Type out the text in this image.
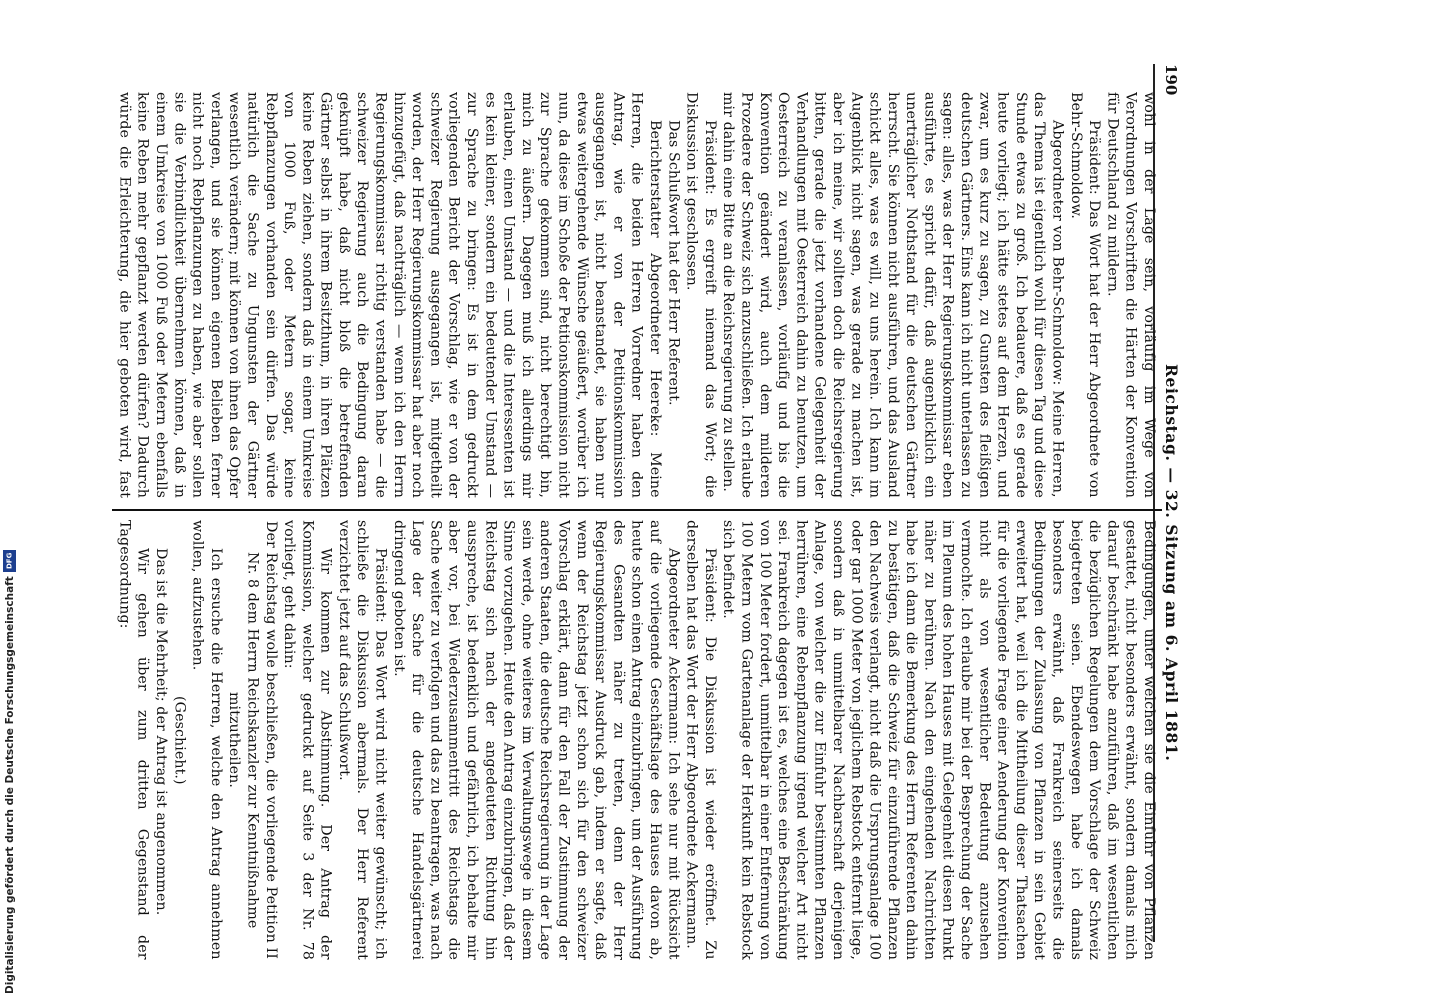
190
Reichstag. — 32. Sitzung am 6. April 1881.

wohl in der Lage sein, vorläufig im Wege von Verordnungen Vorschriften die Härten der Konvention für Deutschland zu mildern.

Präsident: Das Wort hat der Herr Abgeordnete von Behr-Schmoldow.

Abgeordneter von Behr-Schmoldow: Meine Herren, das Thema ist eigentlich wohl für diesen Tag und diese Stunde etwas zu groß. Ich bedauere, daß es gerade heute vorliegt; ich hätte stetes auf dem Herzen, und zwar, um es kurz zu sagen, zu Gunsten des fleißigen deutschen Gärtners. Eins kann ich nicht unterlassen zu sagen: alles, was der Herr Regierungskommissar eben ausführte, es spricht dafür, daß augenblicklich ein unerträglicher Nothstand für die deutschen Gärtner herrscht. Sie können nicht ausführen, und das Ausland schickt alles, was es will, zu uns herein. Ich kann im Augenblick nicht sagen, was gerade zu machen ist, aber ich meine, wir sollten doch die Reichsregierung bitten, gerade die jetzt vorhandene Gelegenheit der Verhandlungen mit Oesterreich dahin zu benutzen, um Oesterreich zu veranlassen, vorläufig und bis die Konvention geändert wird, auch dem milderen Prozedere der Schweiz sich anzuschließen. Ich erlaube mir dahin eine Bitte an die Reichsregierung zu stellen.

Präsident: Es ergreift niemand das Wort; die Diskussion ist geschlossen.

Das Schlußwort hat der Herr Referent.

Berichterstatter Abgeordneter Heereke: Meine Herren, die beiden Herren Vorredner haben den Antrag, wie er von der Petitionskommission ausgegangen ist, nicht beanstandet, sie haben nur etwas weitergehende Wünsche geäußert, worüber ich nun, da diese im Schoße der Petitionskommission nicht zur Sprache gekommen sind, nicht berechtigt bin, mich zu äußern. Dagegen muß ich allerdings mir erlauben, einen Umstand — und die Interessenten ist es kein kleiner, sondern ein bedeutender Umstand — zur Sprache zu bringen: Es ist in dem gedruckt vorliegenden Bericht der Vorschlag, wie er von der schweizer Regierung ausgegangen ist, mitgetheilt worden, der Herr Regierungskommissar hat aber noch hinzugefügt, daß nachträglich — wenn ich den Herrn Regierungskommissar richtig verstanden habe — die schweizer Regierung auch die Bedingung daran geknüpft habe, daß nicht bloß die betreffenden Gärtner selbst in ihrem Besitzthum, in ihren Plätzen keine Reben ziehen, sondern daß in einem Umkreise von 1000 Fuß, oder Metern sogar, keine Rebpflanzungen vorhanden sein dürfen. Das würde natürlich die Sache zu Ungunsten der Gärtner wesentlich verändern; mit können von ihnen das Opfer verlangen, und sie können eigenen Belieben ferner nicht noch Rebpflanzungen zu haben, wie aber sollen sie die Verbindlichkeit übernehmen können, daß in einem Umkreise von 1000 Fuß oder Metern ebenfalls keine Reben mehr gepflanzt werden dürfen? Dadurch würde die Erleichterung, die hier geboten wird, fast

Bedingungen, unter welchen sie die Einfuhr von Pflanzen gestattet, nicht besonders erwähnt, sondern damals mich darauf beschränkt habe anzuführen, daß im wesentlichen die bezüglichen Regelungen dem Vorschlage der Schweiz beigetreten seien. Ebendeswegen habe ich damals besonders erwähnt, daß Frankreich seinerseits die Bedingungen der Zulassung von Pflanzen in sein Gebiet erweitert hat, weil ich die Mittheilung dieser Thatsachen für die vorliegende Frage einer Aenderung der Konvention nicht als von wesentlicher Bedeutung anzusehen vermochte. Ich erlaube mir bei der Besprechung der Sache im Plenum des hohen Hauses mit Gelegenheit diesen Punkt näher zu berühren. Nach den eingehenden Nachrichten habe ich dann die Bemerkung des Herrn Referenten dahin zu bestätigen, daß die Schweiz für einzuführende Pflanzen den Nachweis verlangt, nicht daß die Ursprungsanlage 100 oder gar 1000 Meter von jeglichem Rebstock entfernt liege, sondern daß in unmittelbarer Nachbarschaft derjenigen Anlage, von welcher die zur Einfuhr bestimmten Pflanzen herrühren, eine Rebenpflanzung irgend welcher Art nicht sei. Frankreich dagegen ist es, welches eine Beschränkung von 100 Meter fordert, unmittelbar in einer Entfernung von 100 Metern vom Gartenanlage der Herkunft kein Rebstock sich befindet.

Präsident: Die Diskussion ist wieder eröffnet. Zu derselben hat das Wort der Herr Abgeordnete Ackermann.

Abgeordneter Ackermann: Ich sehe nur mit Rücksicht auf die vorliegende Geschäftslage des Hauses davon ab, heute schon einen Antrag einzubringen, um der Ausführung des Gesandten näher zu treten, denn der Herr Regierungskommissar Ausdruck gab, indem er sagte, daß wenn der Reichstag jetzt schon sich für den schweizer Vorschlag erklärt, dann für den Fall der Zustimmung der anderen Staaten, die deutsche Reichsregierung in der Lage sein werde, ohne weiteres im Verwaltungswege in diesem Sinne vorzugehen. Heute den Antrag einzubringen, daß der Reichstag sich nach der angedeuteten Richtung hin ausspreche, ist bedenklich und gefährlich, ich behalte mir aber vor, bei Wiederzusammentritt des Reichstags die Sache weiter zu verfolgen und das zu beantragen, was nach Lage der Sache für die deutsche Handelsgärtnerei dringend geboten ist.

Präsident: Das Wort wird nicht weiter gewünscht; ich schließe die Diskussion abermals. Der Herr Referent verzichtet jetzt auf das Schlußwort.

Wir kommen zur Abstimmung. Der Antrag der Kommission, welcher gedruckt auf Seite 3 der Nr. 78 vorliegt, geht dahin:

Der Reichstag wolle beschließen, die vorliegende Petition II Nr. 8 dem Herrn Reichskanzler zur Kenntnißnahme mitzutheilen.

Ich ersuche die Herren, welche den Antrag annehmen wollen, aufzustehen.

(Geschieht.)

Das ist die Mehrheit; der Antrag ist angenommen.

Wir gehen über zum dritten Gegenstand der Tagesordnung:

Digitalisierung gefördert durch die Deutsche Forschungsgemeinschaft
DFG
